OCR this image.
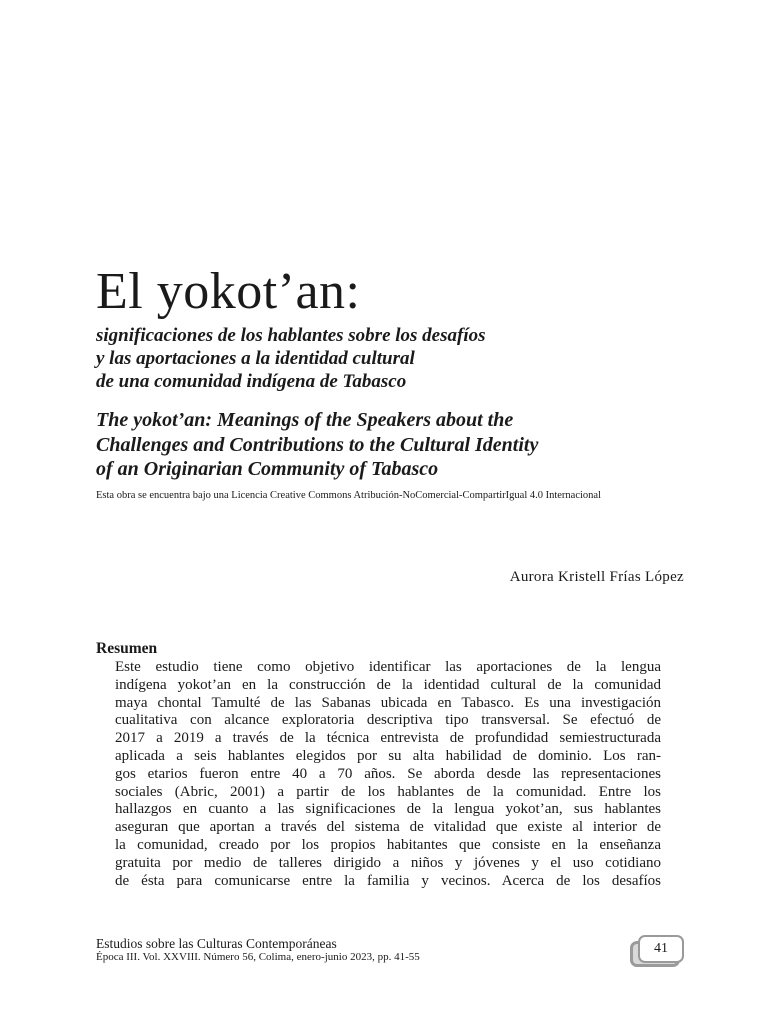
El yokot’an:
significaciones de los hablantes sobre los desafíos
y las aportaciones a la identidad cultural
de una comunidad indígena de Tabasco
The yokot’an: Meanings of the Speakers about the
Challenges and Contributions to the Cultural Identity
of an Originarian Community of Tabasco

Esta obra se encuentra bajo una Licencia Creative Commons Atribución-NoComercial-CompartirIgual 4.0 Internacional

Aurora Kristell Frías López

Resumen
Este estudio tiene como objetivo identificar las aportaciones de la lengua
indígena yokot’an en la construcción de la identidad cultural de la comunidad
maya chontal Tamulté de las Sabanas ubicada en Tabasco. Es una investigación
cualitativa con alcance exploratoria descriptiva tipo transversal. Se efectuó de
2017 a 2019 a través de la técnica entrevista de profundidad semiestructurada
aplicada a seis hablantes elegidos por su alta habilidad de dominio. Los ran-
gos etarios fueron entre 40 a 70 años. Se aborda desde las representaciones
sociales (Abric, 2001) a partir de los hablantes de la comunidad. Entre los
hallazgos en cuanto a las significaciones de la lengua yokot’an, sus hablantes
aseguran que aportan a través del sistema de vitalidad que existe al interior de
la comunidad, creado por los propios habitantes que consiste en la enseñanza
gratuita por medio de talleres dirigido a niños y jóvenes y el uso cotidiano
de ésta para comunicarse entre la familia y vecinos. Acerca de los desafíos

Estudios sobre las Culturas Contemporáneas

Época III. Vol. XXVIII. Número 56, Colima, enero-junio 2023, pp. 41-55

41
